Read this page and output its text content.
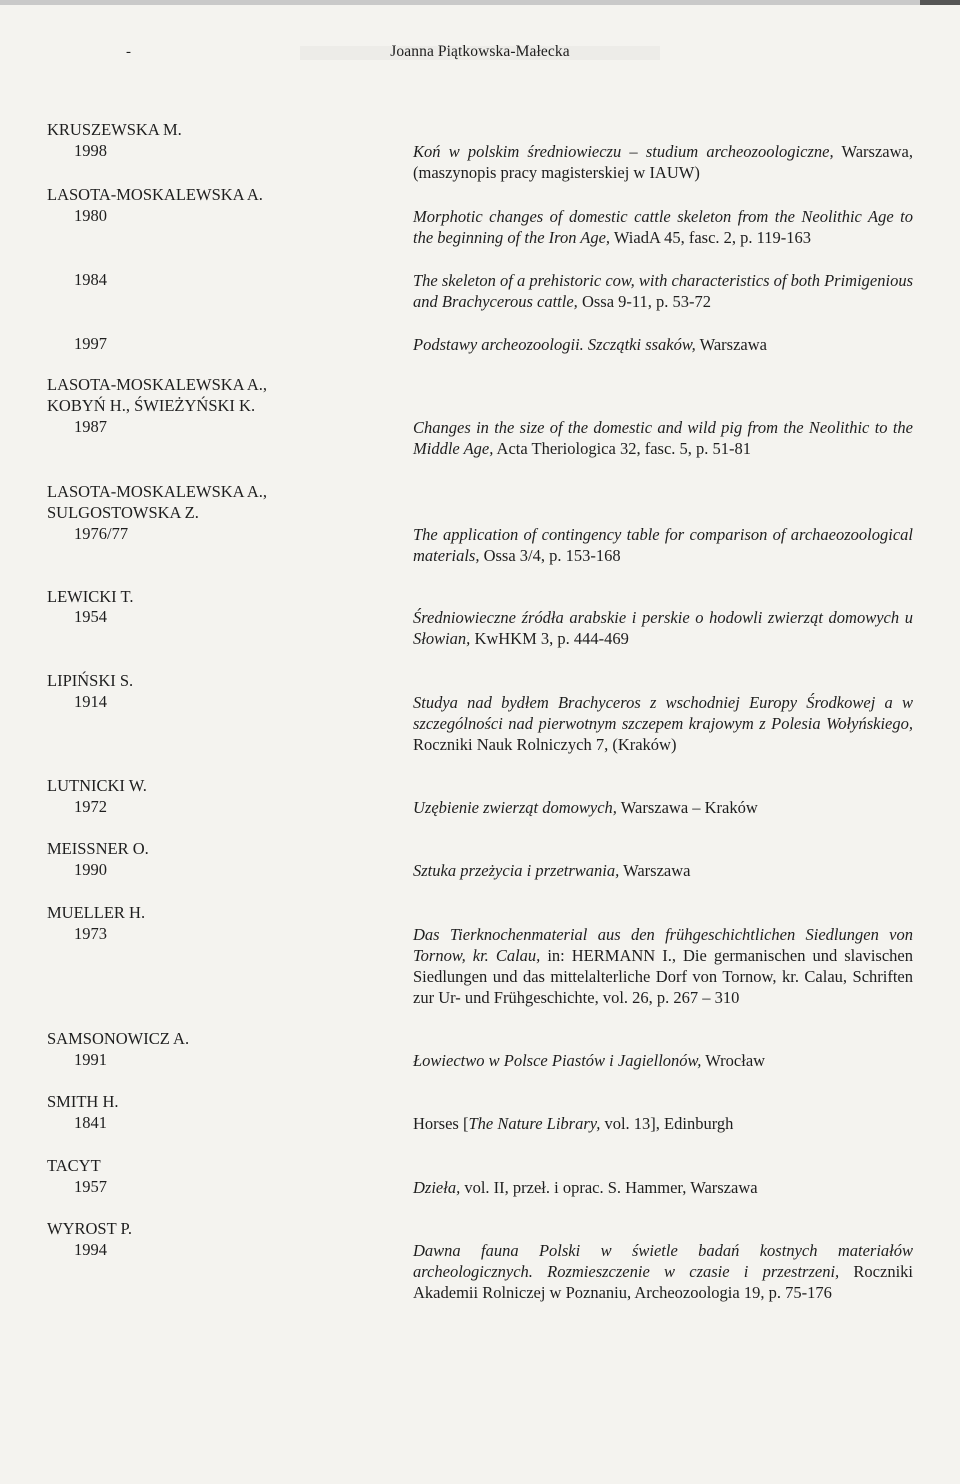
-	Joanna Piątkowska-Małecka
KRUSZEWSKA M.
1998	Koń w polskim średniowieczu – studium archeozoologiczne, Warszawa, (maszynopis pracy magisterskiej w IAUW)
LASOTA-MOSKALEWSKA A.
1980	Morphotic changes of domestic cattle skeleton from the Neolithic Age to the beginning of the Iron Age, WiadA 45, fasc. 2, p. 119-163
1984	The skeleton of a prehistoric cow, with characteristics of both Primigenious and Brachycerous cattle, Ossa 9-11, p. 53-72
1997	Podstawy archeozoologii. Szczątki ssaków, Warszawa
LASOTA-MOSKALEWSKA A.,
KOBYŃ H., ŚWIEŻYŃSKI K.
1987	Changes in the size of the domestic and wild pig from the Neolithic to the Middle Age, Acta Theriologica 32, fasc. 5, p. 51-81
LASOTA-MOSKALEWSKA A.,
SULGOSTOWSKA Z.
1976/77	The application of contingency table for comparison of archaeozoological materials, Ossa 3/4, p. 153-168
LEWICKI T.
1954	Średniowieczne źródła arabskie i perskie o hodowli zwierząt domowych u Słowian, KwHKM 3, p. 444-469
LIPIŃSKI S.
1914	Studya nad bydłem Brachyceros z wschodniej Europy Środkowej a w szczególności nad pierwotnym szczepem krajowym z Polesia Wołyńskiego, Roczniki Nauk Rolniczych 7, (Kraków)
LUTNICKI W.
1972	Uzębienie zwierząt domowych, Warszawa – Kraków
MEISSNER O.
1990	Sztuka przeżycia i przetrwania, Warszawa
MUELLER H.
1973	Das Tierknochenmaterial aus den frühgeschichtlichen Siedlungen von Tornow, kr. Calau, in: HERMANN I., Die germanischen und slavischen Siedlungen und das mittelalterliche Dorf von Tornow, kr. Calau, Schriften zur Ur- und Frühgeschichte, vol. 26, p. 267 – 310
SAMSONOWICZ A.
1991	Łowiectwo w Polsce Piastów i Jagiellonów, Wrocław
SMITH H.
1841	Horses [The Nature Library, vol. 13], Edinburgh
TACYT
1957	Dzieła, vol. II, przeł. i oprac. S. Hammer, Warszawa
WYROST P.
1994	Dawna fauna Polski w świetle badań kostnych materiałów archeologicznych. Rozmieszczenie w czasie i przestrzeni, Roczniki Akademii Rolniczej w Poznaniu, Archeozoologia 19, p. 75-176
